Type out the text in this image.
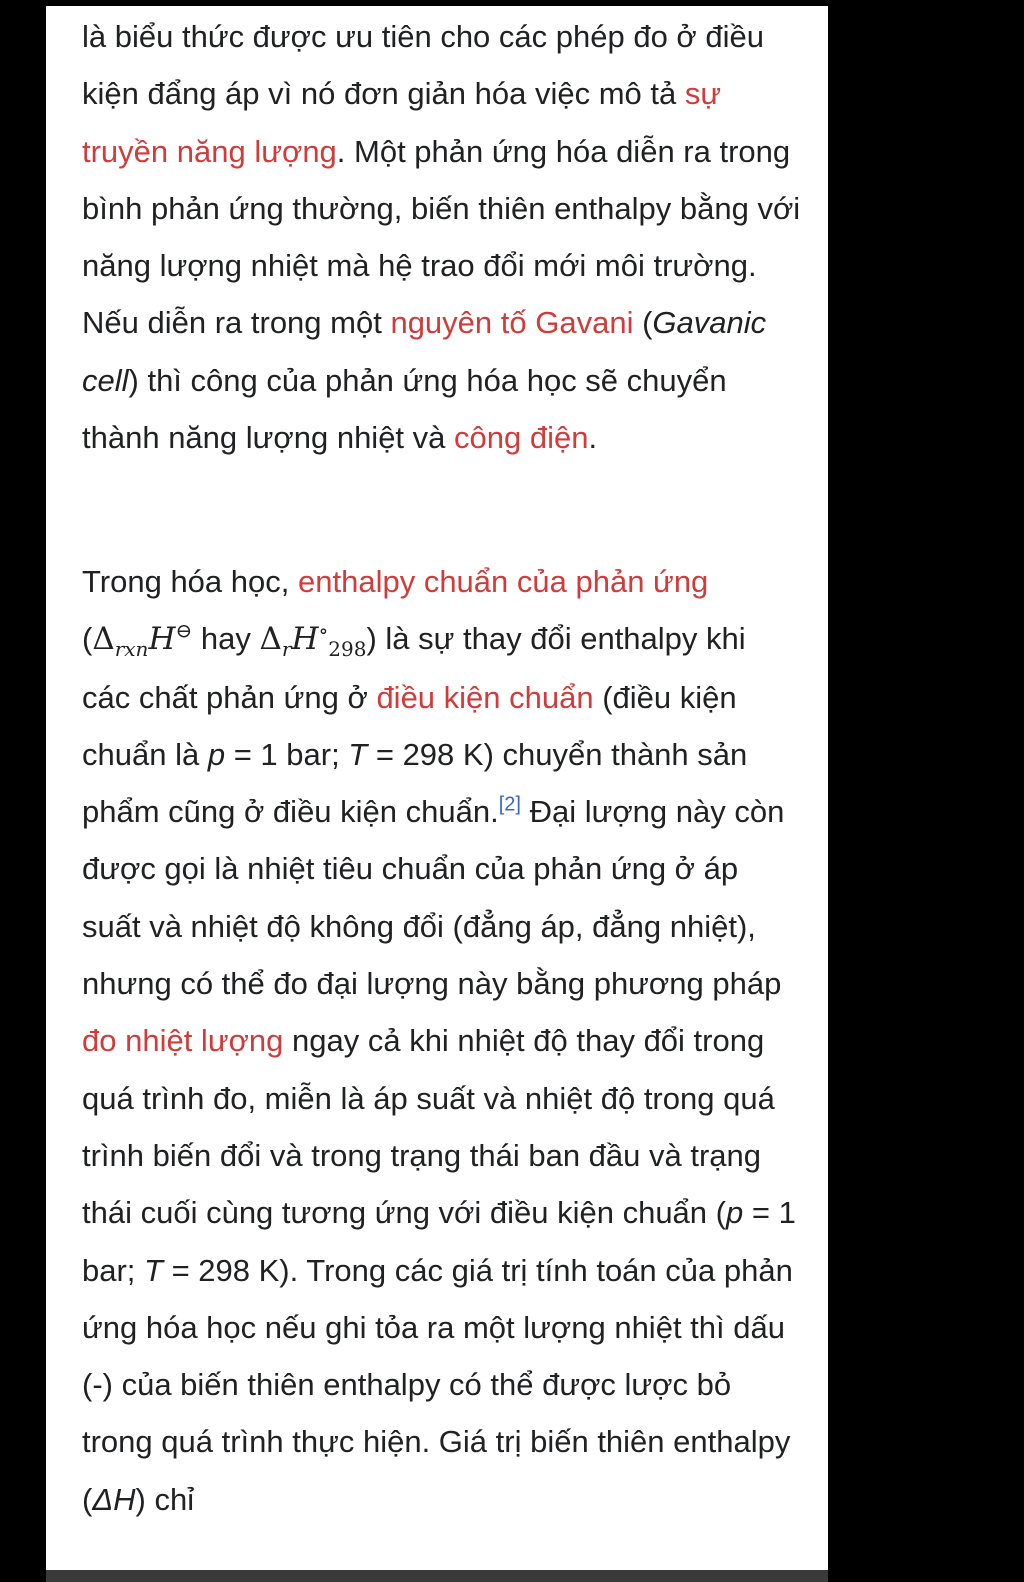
là biểu thức được ưu tiên cho các phép đo ở điều kiện đẩng áp vì nó đơn giản hóa việc mô tả sự truyền năng lượng. Một phản ứng hóa diễn ra trong bình phản ứng thường, biến thiên enthalpy bằng với năng lượng nhiệt mà hệ trao đổi mới môi trường. Nếu diễn ra trong một nguyên tố Gavani (Gavanic cell) thì công của phản ứng hóa học sẽ chuyển thành năng lượng nhiệt và công điện.

Trong hóa học, enthalpy chuẩn của phản ứng ($\Delta_{rxn}H^⊖$ hay $\Delta_rH^\circ_{298}$) là sự thay đổi enthalpy khi các chất phản ứng ở điều kiện chuẩn (điều kiện chuẩn là p = 1 bar; T = 298 K) chuyển thành sản phẩm cũng ở điều kiện chuẩn.[2] Đại lượng này còn được gọi là nhiệt tiêu chuẩn của phản ứng ở áp suất và nhiệt độ không đổi (đẳng áp, đẳng nhiệt), nhưng có thể đo đại lượng này bằng phương pháp đo nhiệt lượng ngay cả khi nhiệt độ thay đổi trong quá trình đo, miễn là áp suất và nhiệt độ trong quá trình biến đổi và trong trạng thái ban đầu và trạng thái cuối cùng tương ứng với điều kiện chuẩn (p = 1 bar; T = 298 K). Trong các giá trị tính toán của phản ứng hóa học nếu ghi tỏa ra một lượng nhiệt thì dấu (-) của biến thiên enthalpy có thể được lược bỏ trong quá trình thực hiện. Giá trị biến thiên enthalpy (ΔH) chỉ
